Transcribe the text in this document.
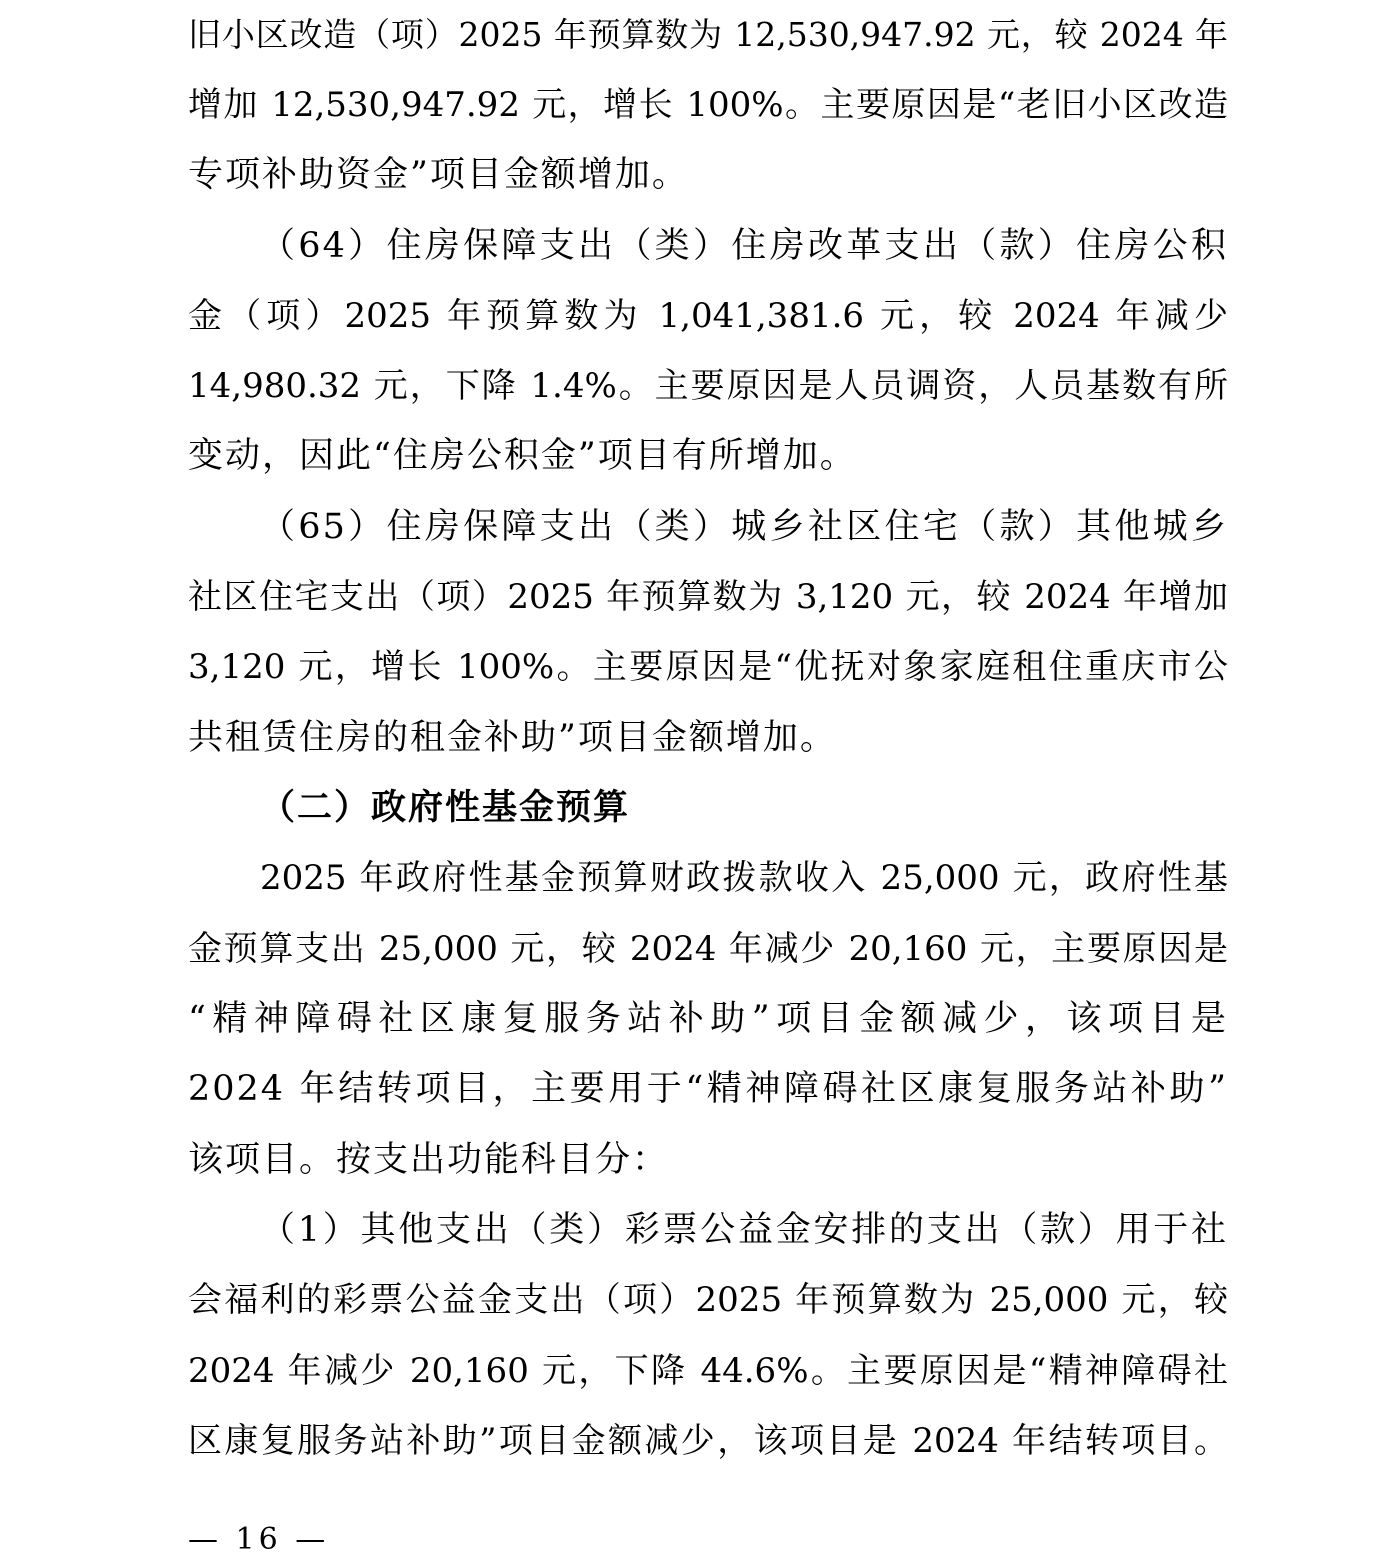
旧小区改造（项）2025 年预算数为 12,530,947.92 元，较 2024 年
增加 12,530,947.92 元，增长 100%。主要原因是“老旧小区改造
专项补助资金”项目金额增加。
（64）住房保障支出（类）住房改革支出（款）住房公积
金（项）2025 年预算数为 1,041,381.6 元，较 2024 年减少
14,980.32 元，下降 1.4%。主要原因是人员调资，人员基数有所
变动，因此“住房公积金”项目有所增加。
（65）住房保障支出（类）城乡社区住宅（款）其他城乡
社区住宅支出（项）2025 年预算数为 3,120 元，较 2024 年增加
3,120 元，增长 100%。主要原因是“优抚对象家庭租住重庆市公
共租赁住房的租金补助”项目金额增加。
（二）政府性基金预算
2025 年政府性基金预算财政拨款收入 25,000 元，政府性基
金预算支出 25,000 元，较 2024 年减少 20,160 元，主要原因是
“精神障碍社区康复服务站补助”项目金额减少，该项目是
2024 年结转项目，主要用于“精神障碍社区康复服务站补助”
该项目。按支出功能科目分：
（1）其他支出（类）彩票公益金安排的支出（款）用于社
会福利的彩票公益金支出（项）2025 年预算数为 25,000 元，较
2024 年减少 20,160 元，下降 44.6%。主要原因是“精神障碍社
区康复服务站补助”项目金额减少，该项目是 2024 年结转项目。
— 16 —
